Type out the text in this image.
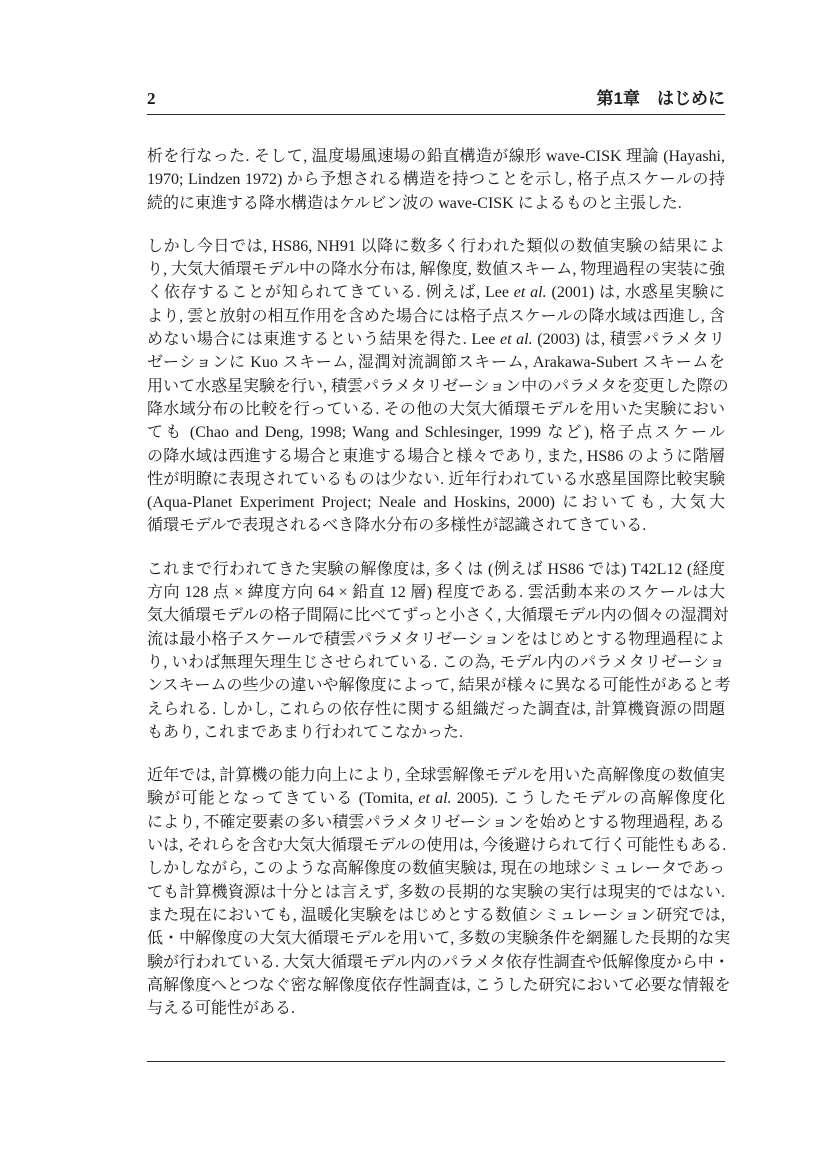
2	第1章　はじめに
析を行なった. そして, 温度場風速場の鉛直構造が線形 wave-CISK 理論 (Hayashi,
1970; Lindzen 1972) から予想される構造を持つことを示し, 格子点スケールの持
続的に東進する降水構造はケルビン波の wave-CISK によるものと主張した.
しかし今日では, HS86, NH91 以降に数多く行われた類似の数値実験の結果によ
り, 大気大循環モデル中の降水分布は, 解像度, 数値スキーム, 物理過程の実装に強
く依存することが知られてきている. 例えば, Lee et al. (2001) は, 水惑星実験に
より, 雲と放射の相互作用を含めた場合には格子点スケールの降水域は西進し, 含
めない場合には東進するという結果を得た. Lee et al. (2003) は, 積雲パラメタリ
ゼーションに Kuo スキーム, 湿潤対流調節スキーム, Arakawa-Subert スキームを
用いて水惑星実験を行い, 積雲パラメタリゼーション中のパラメタを変更した際の
降水域分布の比較を行っている. その他の大気大循環モデルを用いた実験におい
ても (Chao and Deng, 1998; Wang and Schlesinger, 1999 など), 格子点スケール
の降水域は西進する場合と東進する場合と様々であり, また, HS86 のように階層
性が明瞭に表現されているものは少ない. 近年行われている水惑星国際比較実験
(Aqua-Planet Experiment Project; Neale and Hoskins, 2000) においても, 大気大
循環モデルで表現されるべき降水分布の多様性が認識されてきている.
これまで行われてきた実験の解像度は, 多くは (例えば HS86 では) T42L12 (経度
方向 128 点 × 緯度方向 64 × 鉛直 12 層) 程度である. 雲活動本来のスケールは大
気大循環モデルの格子間隔に比べてずっと小さく, 大循環モデル内の個々の湿潤対
流は最小格子スケールで積雲パラメタリゼーションをはじめとする物理過程によ
り, いわば無理矢理生じさせられている. この為, モデル内のパラメタリゼーショ
ンスキームの些少の違いや解像度によって, 結果が様々に異なる可能性があると考
えられる. しかし, これらの依存性に関する組織だった調査は, 計算機資源の問題
もあり, これまであまり行われてこなかった.
近年では, 計算機の能力向上により, 全球雲解像モデルを用いた高解像度の数値実
験が可能となってきている (Tomita, et al. 2005). こうしたモデルの高解像度化
により, 不確定要素の多い積雲パラメタリゼーションを始めとする物理過程, ある
いは, それらを含む大気大循環モデルの使用は, 今後避けられて行く可能性もある.
しかしながら, このような高解像度の数値実験は, 現在の地球シミュレータであっ
ても計算機資源は十分とは言えず, 多数の長期的な実験の実行は現実的ではない.
また現在においても, 温暖化実験をはじめとする数値シミュレーション研究では,
低・中解像度の大気大循環モデルを用いて, 多数の実験条件を網羅した長期的な実
験が行われている. 大気大循環モデル内のパラメタ依存性調査や低解像度から中・
高解像度へとつなぐ密な解像度依存性調査は, こうした研究において必要な情報を
与える可能性がある.
